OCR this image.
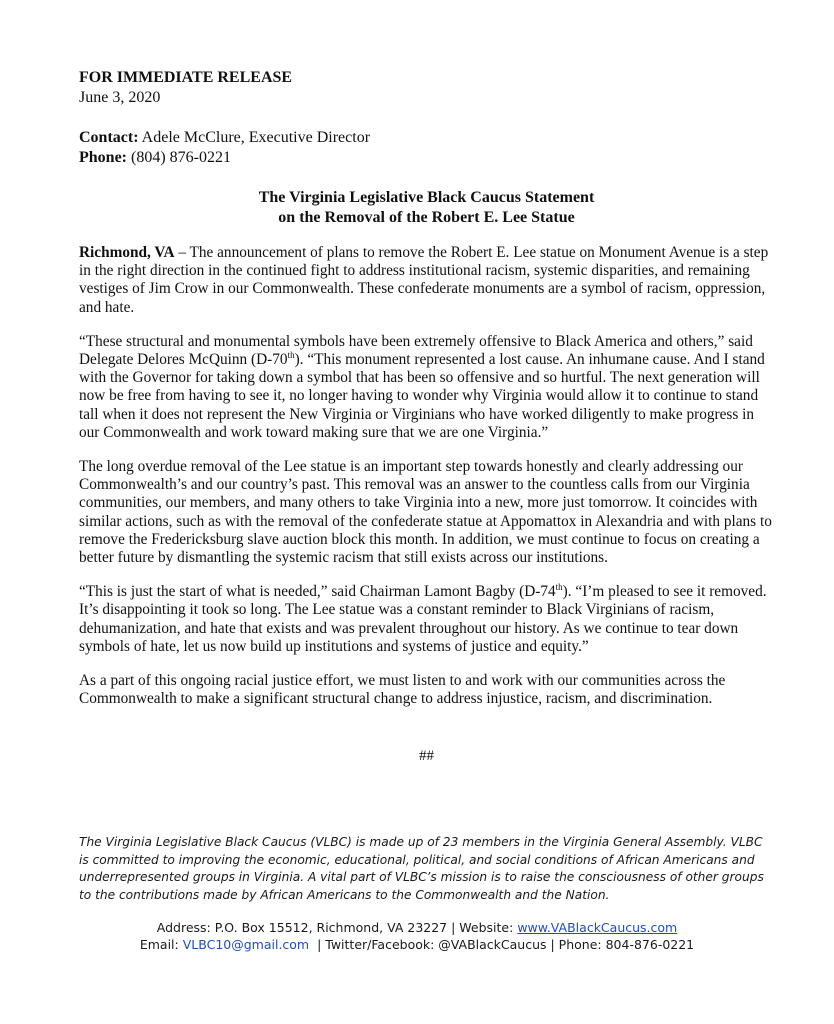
FOR IMMEDIATE RELEASE
June 3, 2020
Contact: Adele McClure, Executive Director
Phone: (804) 876-0221
The Virginia Legislative Black Caucus Statement
on the Removal of the Robert E. Lee Statue

Richmond, VA – The announcement of plans to remove the Robert E. Lee statue on Monument Avenue is a step in the right direction in the continued fight to address institutional racism, systemic disparities, and remaining vestiges of Jim Crow in our Commonwealth. These confederate monuments are a symbol of racism, oppression, and hate.

“These structural and monumental symbols have been extremely offensive to Black America and others,” said Delegate Delores McQuinn (D-70th). “This monument represented a lost cause. An inhumane cause. And I stand with the Governor for taking down a symbol that has been so offensive and so hurtful. The next generation will now be free from having to see it, no longer having to wonder why Virginia would allow it to continue to stand tall when it does not represent the New Virginia or Virginians who have worked diligently to make progress in our Commonwealth and work toward making sure that we are one Virginia.”

The long overdue removal of the Lee statue is an important step towards honestly and clearly addressing our Commonwealth’s and our country’s past. This removal was an answer to the countless calls from our Virginia communities, our members, and many others to take Virginia into a new, more just tomorrow. It coincides with similar actions, such as with the removal of the confederate statue at Appomattox in Alexandria and with plans to remove the Fredericksburg slave auction block this month. In addition, we must continue to focus on creating a better future by dismantling the systemic racism that still exists across our institutions.

“This is just the start of what is needed,” said Chairman Lamont Bagby (D-74th). “I’m pleased to see it removed. It’s disappointing it took so long. The Lee statue was a constant reminder to Black Virginians of racism, dehumanization, and hate that exists and was prevalent throughout our history. As we continue to tear down symbols of hate, let us now build up institutions and systems of justice and equity.”

As a part of this ongoing racial justice effort, we must listen to and work with our communities across the Commonwealth to make a significant structural change to address injustice, racism, and discrimination.

##
The Virginia Legislative Black Caucus (VLBC) is made up of 23 members in the Virginia General Assembly. VLBC is committed to improving the economic, educational, political, and social conditions of African Americans and underrepresented groups in Virginia. A vital part of VLBC’s mission is to raise the consciousness of other groups to the contributions made by African Americans to the Commonwealth and the Nation.
Address: P.O. Box 15512, Richmond, VA 23227 | Website: www.VABlackCaucus.com
Email: VLBC10@gmail.com  | Twitter/Facebook: @VABlackCaucus | Phone: 804-876-0221
